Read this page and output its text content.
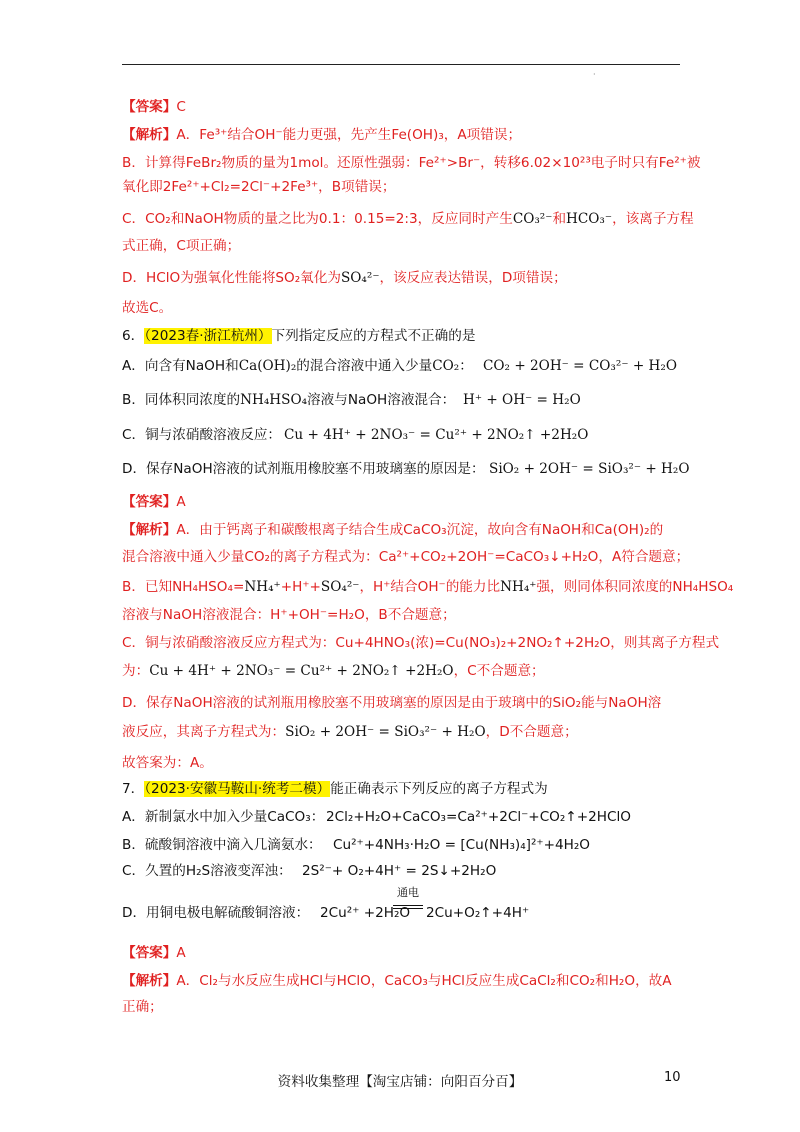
·
【答案】C
【解析】A．Fe³⁺结合OH⁻能力更强，先产生Fe(OH)₃，A项错误；
B．计算得FeBr₂物质的量为1mol。还原性强弱：Fe²⁺>Br⁻，转移6.02×10²³电子时只有Fe²⁺被
氧化即2Fe²⁺+Cl₂=2Cl⁻+2Fe³⁺，B项错误；
C．CO₂和NaOH物质的量之比为0.1：0.15=2:3，反应同时产生CO₃²⁻和HCO₃⁻，该离子方程
式正确，C项正确；
D．HClO为强氧化性能将SO₂氧化为SO₄²⁻，该反应表达错误，D项错误；
故选C。
6．（2023春·浙江杭州）下列指定反应的方程式不正确的是
A．向含有NaOH和Ca(OH)₂的混合溶液中通入少量CO₂： CO₂ + 2OH⁻ = CO₃²⁻ + H₂O
B．同体积同浓度的NH₄HSO₄溶液与NaOH溶液混合： H⁺ + OH⁻ = H₂O
C．铜与浓硝酸溶液反应： Cu + 4H⁺ + 2NO₃⁻ = Cu²⁺ + 2NO₂↑ +2H₂O
D．保存NaOH溶液的试剂瓶用橡胶塞不用玻璃塞的原因是： SiO₂ + 2OH⁻ = SiO₃²⁻ + H₂O
【答案】A
【解析】A．由于钙离子和碳酸根离子结合生成CaCO₃沉淀，故向含有NaOH和Ca(OH)₂的
混合溶液中通入少量CO₂的离子方程式为：Ca²⁺+CO₂+2OH⁻=CaCO₃↓+H₂O，A符合题意；
B．已知NH₄HSO₄=NH₄⁺+H⁺+SO₄²⁻，H⁺结合OH⁻的能力比NH₄⁺强，则同体积同浓度的NH₄HSO₄
溶液与NaOH溶液混合：H⁺+OH⁻=H₂O，B不合题意；
C．铜与浓硝酸溶液反应方程式为：Cu+4HNO₃(浓)=Cu(NO₃)₂+2NO₂↑+2H₂O，则其离子方程式
为：Cu + 4H⁺ + 2NO₃⁻ = Cu²⁺ + 2NO₂↑ +2H₂O，C不合题意；
D．保存NaOH溶液的试剂瓶用橡胶塞不用玻璃塞的原因是由于玻璃中的SiO₂能与NaOH溶
液反应，其离子方程式为：SiO₂ + 2OH⁻ = SiO₃²⁻ + H₂O，D不合题意；
故答案为：A。
7．（2023·安徽马鞍山·统考二模）能正确表示下列反应的离子方程式为
A．新制氯水中加入少量CaCO₃： 2Cl₂+H₂O+CaCO₃=Ca²⁺+2Cl⁻+CO₂↑+2HClO
B．硫酸铜溶液中滴入几滴氨水： Cu²⁺+4NH₃·H₂O = [Cu(NH₃)₄]²⁺+4H₂O
C．久置的H₂S溶液变浑浊： 2S²⁻+ O₂+4H⁺ = 2S↓+2H₂O
D．用铜电极电解硫酸铜溶液： 2Cu²⁺ +2H₂O
通电
2Cu+O₂↑+4H⁺
【答案】A
【解析】A．Cl₂与水反应生成HCl与HClO，CaCO₃与HCl反应生成CaCl₂和CO₂和H₂O，故A
正确；
资料收集整理【淘宝店铺：向阳百分百】	10
